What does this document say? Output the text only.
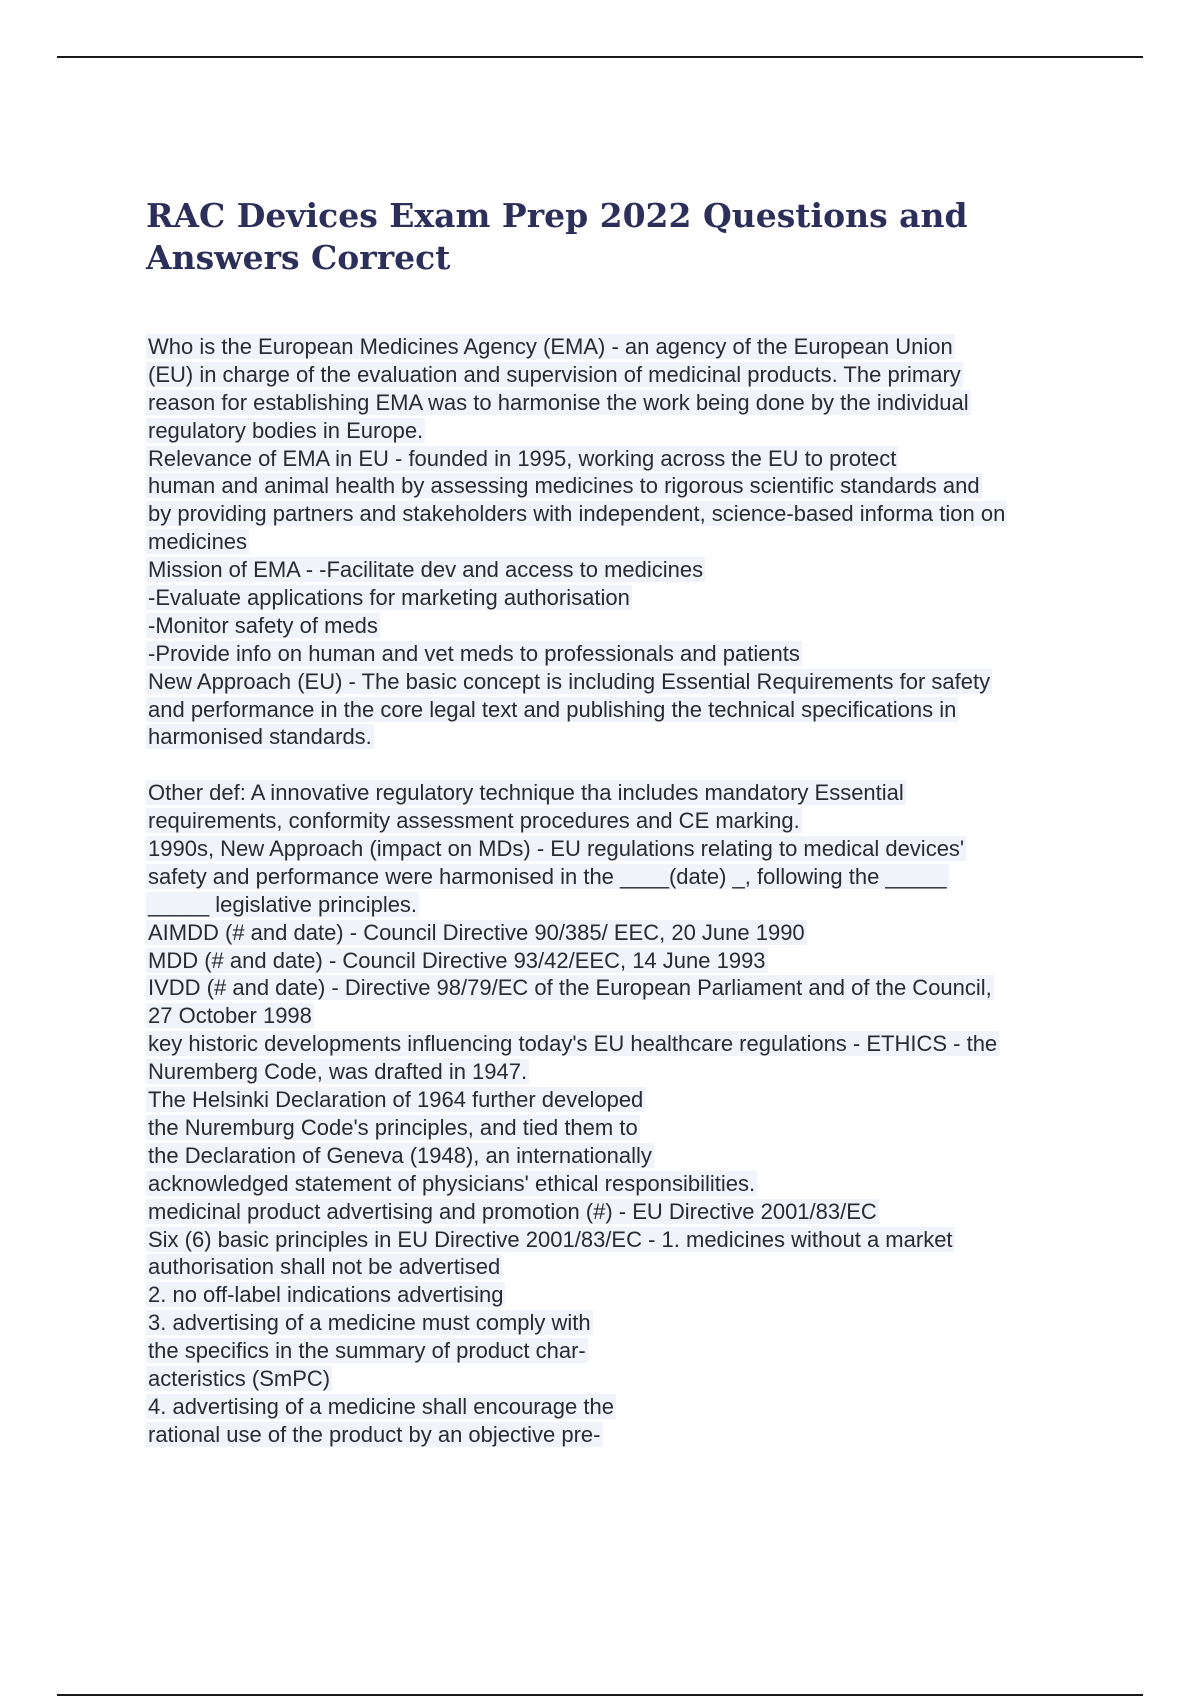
RAC Devices Exam Prep 2022 Questions and Answers Correct
Who is the European Medicines Agency (EMA) - an agency of the European Union
(EU) in charge of the evaluation and supervision of medicinal products. The primary
reason for establishing EMA was to harmonise the work being done by the individual
regulatory bodies in Europe.
Relevance of EMA in EU - founded in 1995, working across the EU to protect
human and animal health by assessing medicines to rigorous scientific standards and
by providing partners and stakeholders with independent, science-based informa tion on
medicines
Mission of EMA - -Facilitate dev and access to medicines
-Evaluate applications for marketing authorisation
-Monitor safety of meds
-Provide info on human and vet meds to professionals and patients
New Approach (EU) - The basic concept is including Essential Requirements for safety
and performance in the core legal text and publishing the technical specifications in
harmonised standards.
Other def: A innovative regulatory technique tha includes mandatory Essential
requirements, conformity assessment procedures and CE marking.
1990s, New Approach (impact on MDs) - EU regulations relating to medical devices'
safety and performance were harmonised in the ____(date) _, following the _____
_____ legislative principles.
AIMDD (# and date) - Council Directive 90/385/ EEC, 20 June 1990
MDD (# and date) - Council Directive 93/42/EEC, 14 June 1993
IVDD (# and date) - Directive 98/79/EC of the European Parliament and of the Council,
27 October 1998
key historic developments influencing today's EU healthcare regulations - ETHICS - the
Nuremberg Code, was drafted in 1947.
The Helsinki Declaration of 1964 further developed
the Nuremburg Code's principles, and tied them to
the Declaration of Geneva (1948), an internationally
acknowledged statement of physicians' ethical responsibilities.
medicinal product advertising and promotion (#) - EU Directive 2001/83/EC
Six (6) basic principles in EU Directive 2001/83/EC - 1. medicines without a market
authorisation shall not be advertised
2. no off-label indications advertising
3. advertising of a medicine must comply with
the specifics in the summary of product char-
acteristics (SmPC)
4. advertising of a medicine shall encourage the
rational use of the product by an objective pre-
